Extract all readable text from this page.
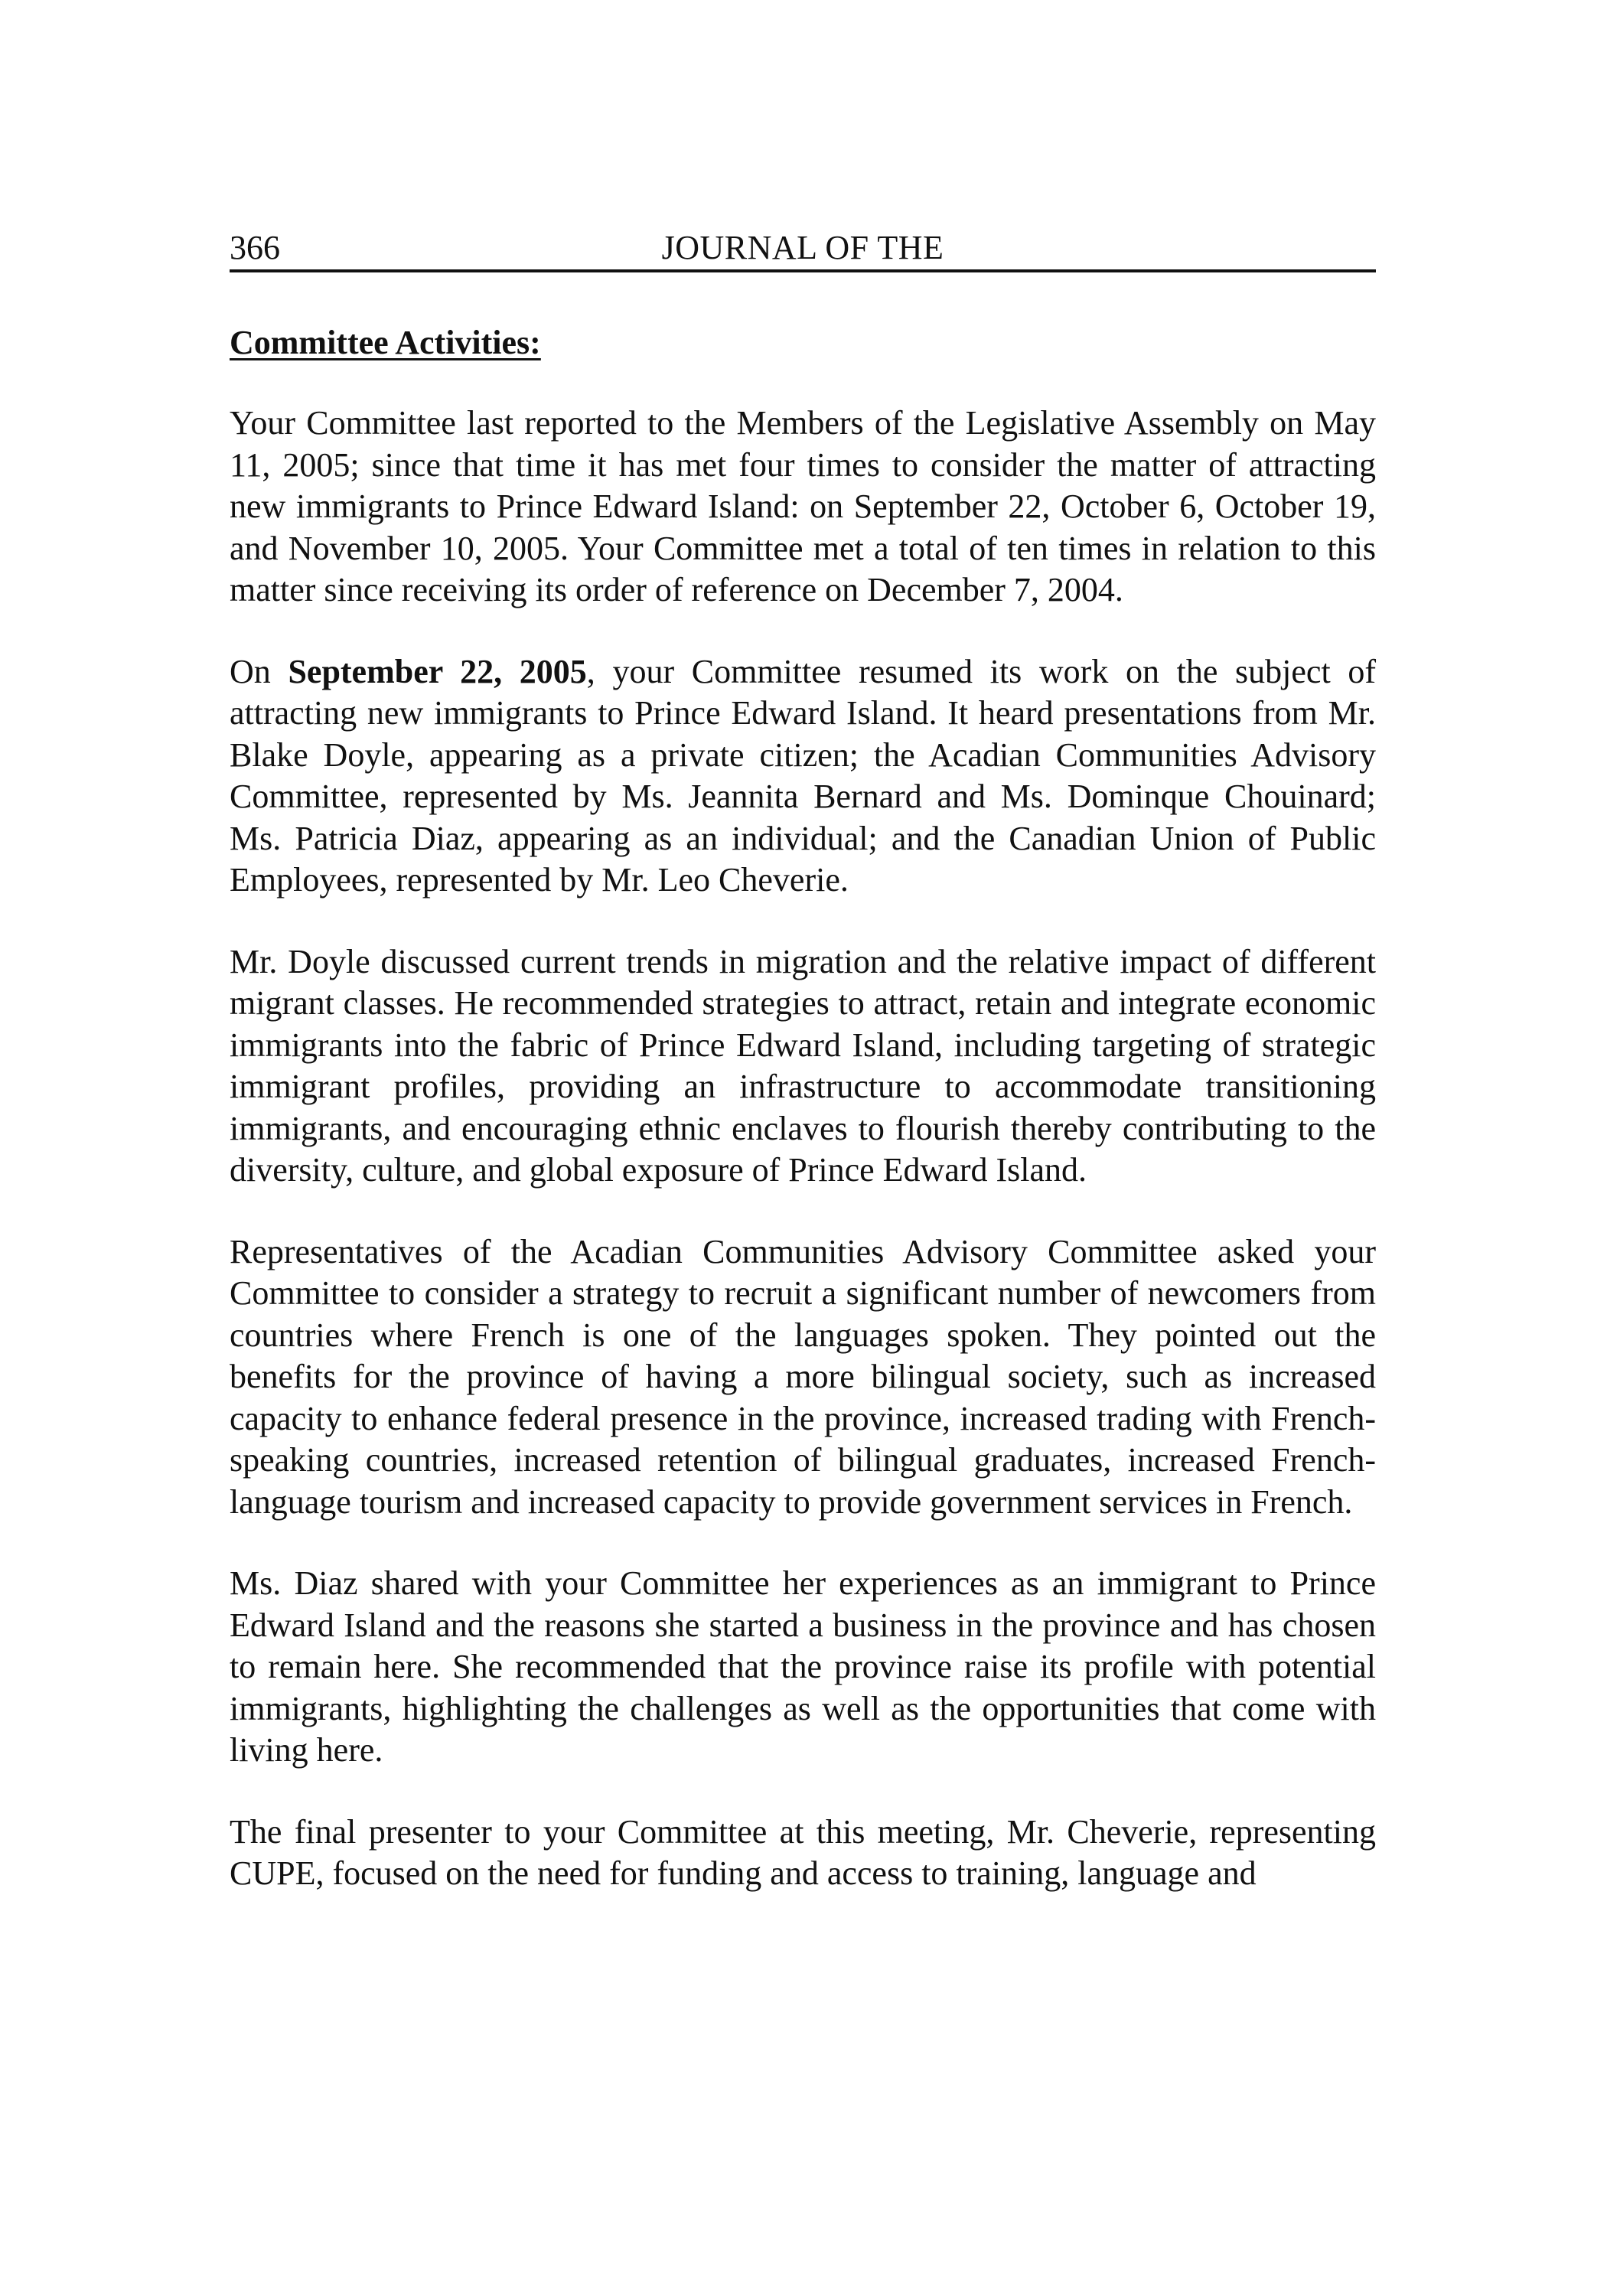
366	JOURNAL OF THE
Committee Activities:

Your Committee last reported to the Members of the Legislative Assembly on May 11, 2005; since that time it has met four times to consider the matter of attracting new immigrants to Prince Edward Island: on September 22, October 6, October 19, and November 10, 2005. Your Committee met a total of ten times in relation to this matter since receiving its order of reference on December 7, 2004.

On September 22, 2005, your Committee resumed its work on the subject of attracting new immigrants to Prince Edward Island. It heard presentations from Mr. Blake Doyle, appearing as a private citizen; the Acadian Communities Advisory Committee, represented by Ms. Jeannita Bernard and Ms. Dominque Chouinard; Ms. Patricia Diaz, appearing as an individual; and the Canadian Union of Public Employees, represented by Mr. Leo Cheverie.

Mr. Doyle discussed current trends in migration and the relative impact of different migrant classes. He recommended strategies to attract, retain and integrate economic immigrants into the fabric of Prince Edward Island, including targeting of strategic immigrant profiles, providing an infrastructure to accommodate transitioning immigrants, and encouraging ethnic enclaves to flourish thereby contributing to the diversity, culture, and global exposure of Prince Edward Island.

Representatives of the Acadian Communities Advisory Committee asked your Committee to consider a strategy to recruit a significant number of newcomers from countries where French is one of the languages spoken. They pointed out the benefits for the province of having a more bilingual society, such as increased capacity to enhance federal presence in the province, increased trading with French-speaking countries, increased retention of bilingual graduates, increased French-language tourism and increased capacity to provide government services in French.

Ms. Diaz shared with your Committee her experiences as an immigrant to Prince Edward Island and the reasons she started a business in the province and has chosen to remain here. She recommended that the province raise its profile with potential immigrants, highlighting the challenges as well as the opportunities that come with living here.

The final presenter to your Committee at this meeting, Mr. Cheverie, representing CUPE, focused on the need for funding and access to training, language and
